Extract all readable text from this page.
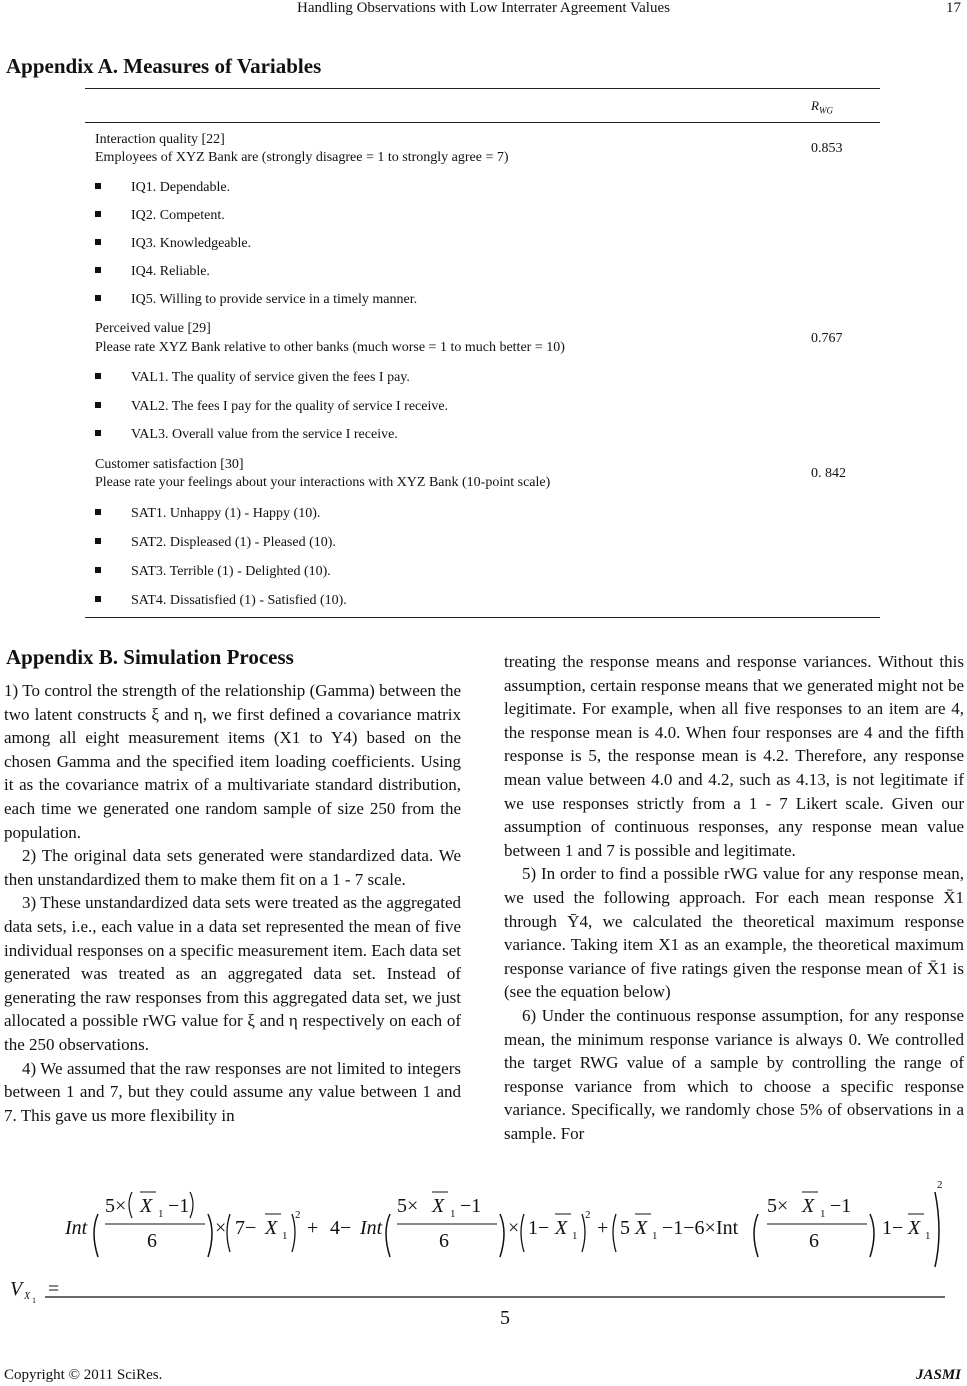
Handling Observations with Low Interrater Agreement Values	17
Appendix A. Measures of Variables
$R_{WG}$
Interaction quality [22]
Employees of XYZ Bank are (strongly disagree = 1 to strongly agree = 7)
0.853
IQ1. Dependable.
IQ2. Competent.
IQ3. Knowledgeable.
IQ4. Reliable.
IQ5. Willing to provide service in a timely manner.
Perceived value [29]
Please rate XYZ Bank relative to other banks (much worse = 1 to much better = 10)
0.767
VAL1. The quality of service given the fees I pay.
VAL2. The fees I pay for the quality of service I receive.
VAL3. Overall value from the service I receive.
Customer satisfaction [30]
Please rate your feelings about your interactions with XYZ Bank (10-point scale)
0. 842
SAT1. Unhappy (1) - Happy (10).
SAT2. Displeased (1) - Pleased (10).
SAT3. Terrible (1) - Delighted (10).
SAT4. Dissatisfied (1) - Satisfied (10).
Appendix B. Simulation Process

1) To control the strength of the relationship (Gamma) between the two latent constructs ξ and η, we first defined a covariance matrix among all eight measurement items (X1 to Y4) based on the chosen Gamma and the specified item loading coefficients. Using it as the covariance matrix of a multivariate standard distribution, each time we generated one random sample of size 250 from the population.

2) The original data sets generated were standardized data. We then unstandardized them to make them fit on a 1 - 7 scale.

3) These unstandardized data sets were treated as the aggregated data sets, i.e., each value in a data set represented the mean of five individual responses on a specific measurement item. Each data set generated was treated as an aggregated data set. Instead of generating the raw responses from this aggregated data set, we just allocated a possible rWG value for ξ and η respectively on each of the 250 observations.

4) We assumed that the raw responses are not limited to integers between 1 and 7, but they could assume any value between 1 and 7. This gave us more flexibility in

treating the response means and response variances. Without this assumption, certain response means that we generated might not be legitimate. For example, when all five responses to an item are 4, the response mean is 4.0. When four responses are 4 and the fifth response is 5, the response mean is 4.2. Therefore, any response mean value between 4.0 and 4.2, such as 4.13, is not legitimate if we use responses strictly from a 1 - 7 Likert scale. Given our assumption of continuous responses, any response mean value between 1 and 7 is possible and legitimate.

5) In order to find a possible rWG value for any response mean, we used the following approach. For each mean response X̄1 through Ȳ4, we calculated the theoretical maximum response variance. Taking item X1 as an example, the theoretical maximum response variance of five ratings given the response mean of X̄1 is (see the equation below)

6) Under the continuous response assumption, for any response mean, the minimum response variance is always 0. We controlled the target RWG value of a sample by controlling the range of response variance from which to choose a specific response variance. Specifically, we randomly chose 5% of observations in a sample. For

Int
5× X 1 −1
6
× 7− X 1
2
+ 4− Int
5× X 1 −1
6
× 1− X 1
2
+ 5 X 1 −1−6× Int
5× X 1 −1
6
1− X 1
2
V X 1
=
5
Copyright © 2011 SciRes.	JASMI
